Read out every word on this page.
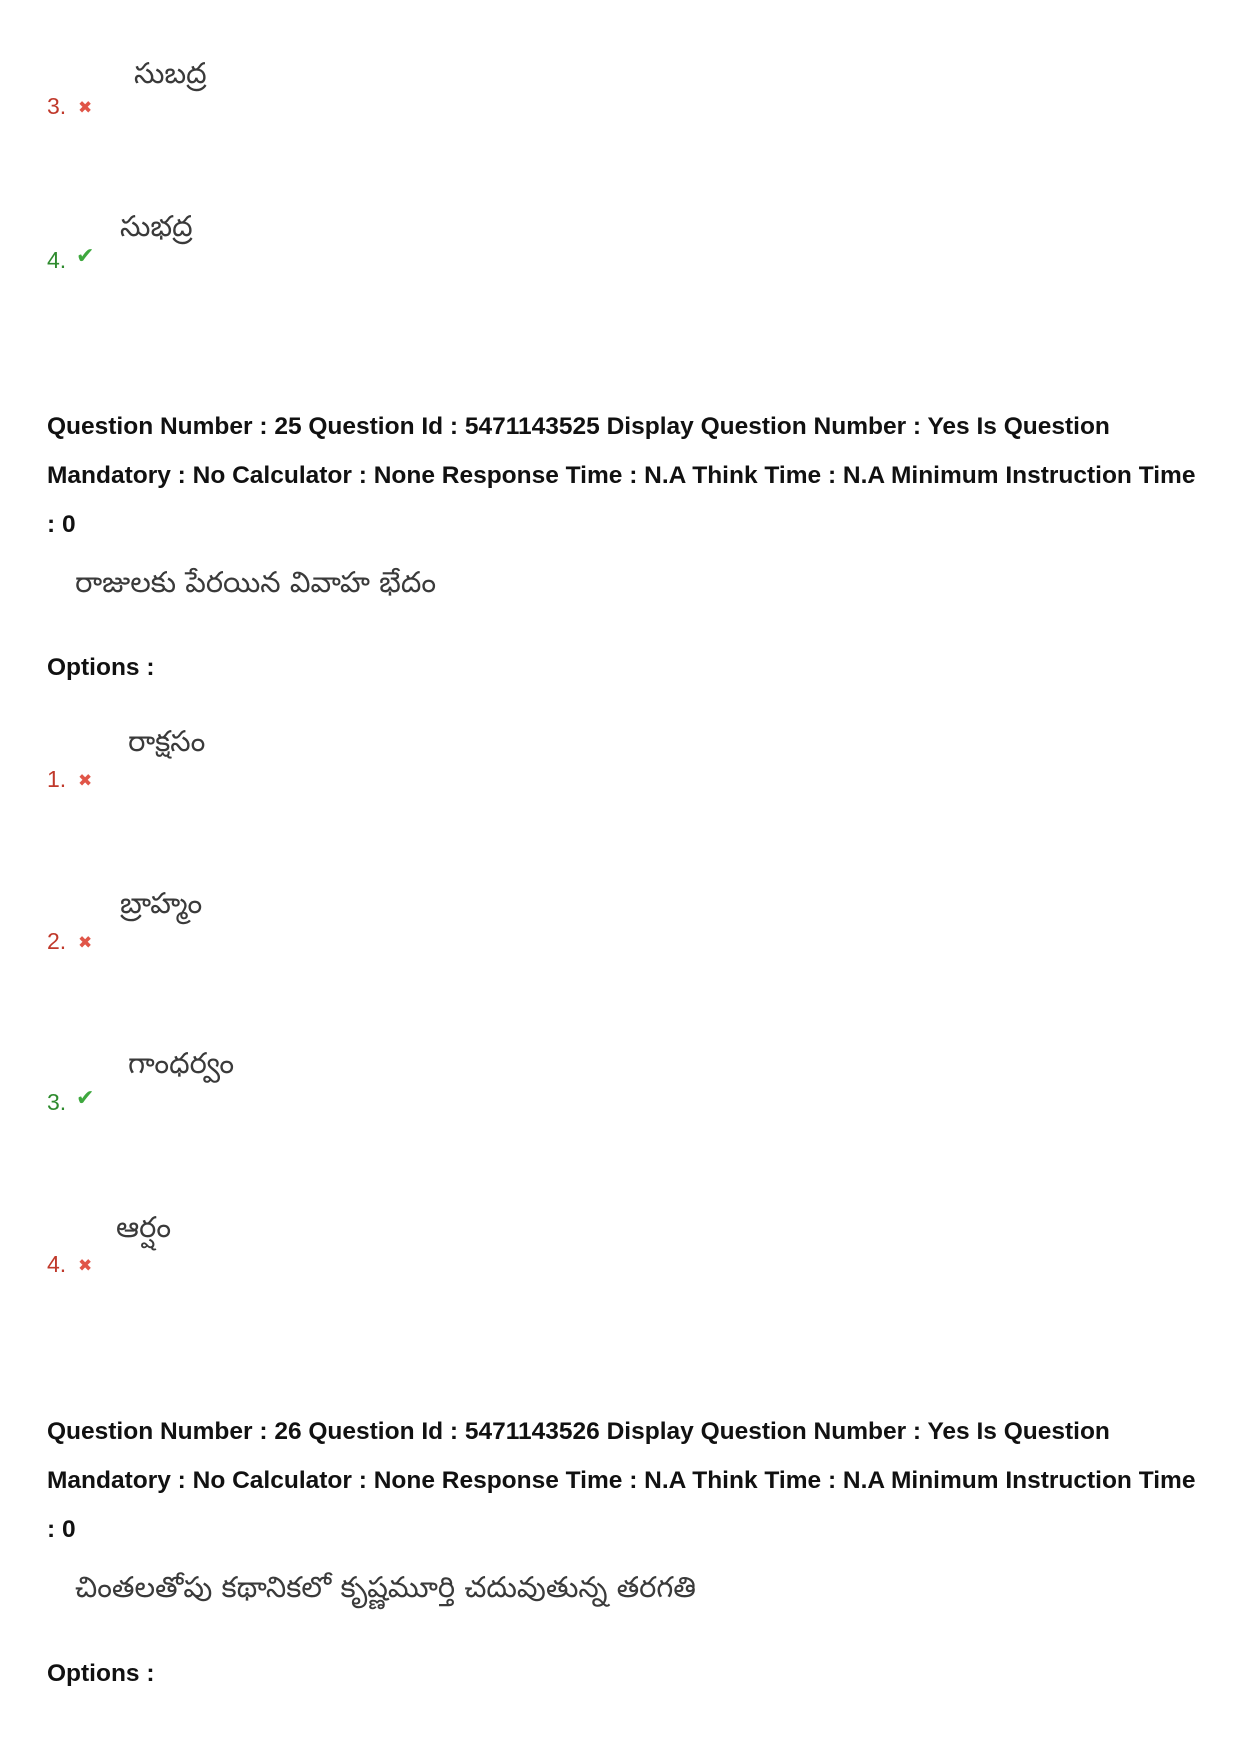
సుబద్ర
3. ✖
సుభద్ర
4. ✔
Question Number : 25 Question Id : 5471143525 Display Question Number : Yes Is Question Mandatory : No Calculator : None Response Time : N.A Think Time : N.A Minimum Instruction Time : 0
రాజులకు పేరయిన వివాహ భేదం
Options :
రాక్షసం
1. ✖
బ్రాహ్మం
2. ✖
గాంధర్వం
3. ✔
ఆర్షం
4. ✖
Question Number : 26 Question Id : 5471143526 Display Question Number : Yes Is Question Mandatory : No Calculator : None Response Time : N.A Think Time : N.A Minimum Instruction Time : 0
చింతలతోపు కథానికలో కృష్ణమూర్తి చదువుతున్న తరగతి
Options :
